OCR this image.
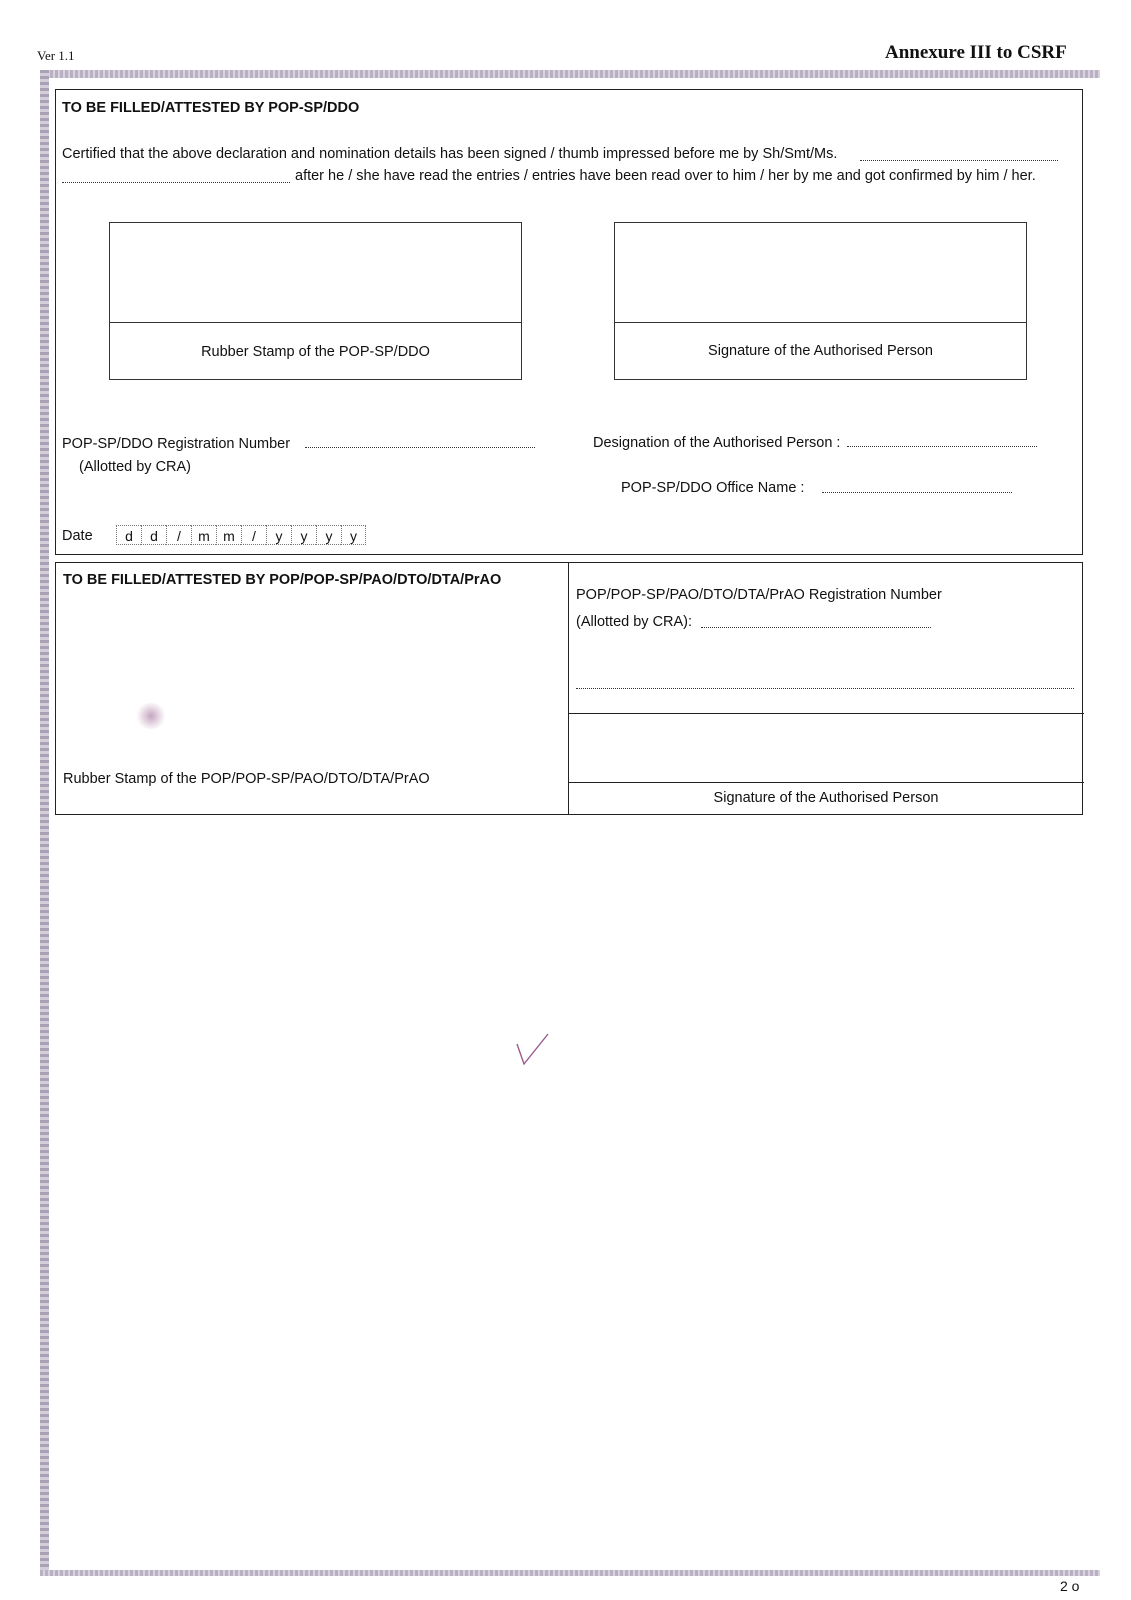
Ver 1.1	Annexure III to CSRF
TO BE FILLED/ATTESTED BY POP-SP/DDO
Certified that the above declaration and nomination details has been signed / thumb impressed before me by Sh/Smt/Ms.
after he / she have read the entries / entries have been read over to him / her by me and got confirmed by him / her.
Rubber Stamp of the POP-SP/DDO	Signature of the Authorised Person
POP-SP/DDO Registration Number
(Allotted by CRA)
Designation of the Authorised Person :
POP-SP/DDO Office Name :
Date	d	d	/	m m	/	y	y	y	y
TO BE FILLED/ATTESTED BY POP/POP-SP/PAO/DTO/DTA/PrAO
Rubber Stamp of the POP/POP-SP/PAO/DTO/DTA/PrAO
POP/POP-SP/PAO/DTO/DTA/PrAO Registration Number
(Allotted by CRA):
Signature of the Authorised Person
2 o
